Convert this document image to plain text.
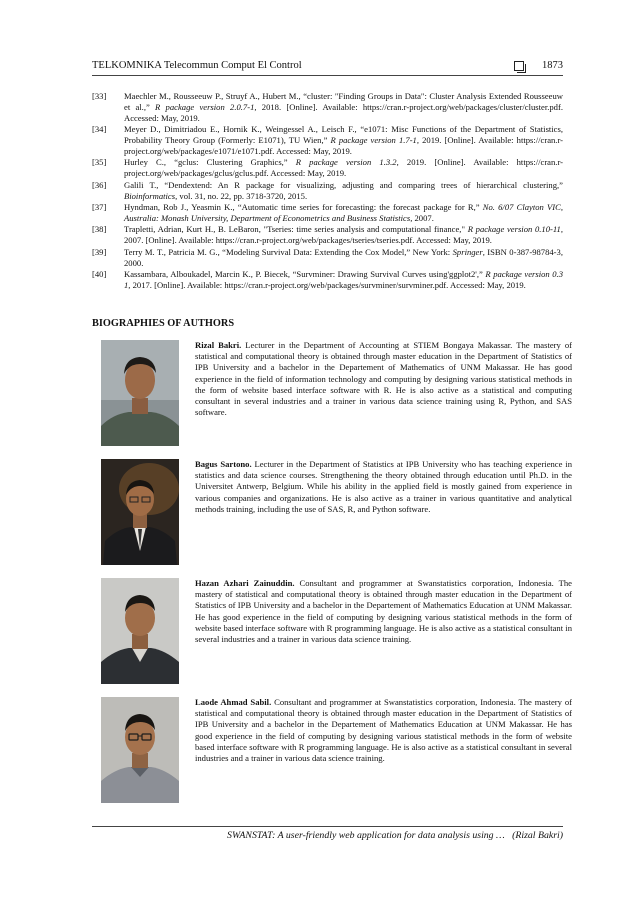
TELKOMNIKA Telecommun Comput El Control	1873
[33] Maechler M., Rousseeuw P., Struyf A., Hubert M., “cluster: "Finding Groups in Data": Cluster Analysis Extended Rousseeuw et al.,” R package version 2.0.7-1, 2018. [Online]. Available: https://cran.r-project.org/web/packages/cluster/cluster.pdf. Accessed: May, 2019.
[34] Meyer D., Dimitriadou E., Hornik K., Weingessel A., Leisch F., “e1071: Misc Functions of the Department of Statistics, Probability Theory Group (Formerly: E1071), TU Wien,” R package version 1.7-1, 2019. [Online]. Available: https://cran.r-project.org/web/packages/e1071/e1071.pdf. Accessed: May, 2019.
[35] Hurley C., “gclus: Clustering Graphics,” R package version 1.3.2, 2019. [Online]. Available: https://cran.r-project.org/web/packages/gclus/gclus.pdf. Accessed: May, 2019.
[36] Galili T., “Dendextend: An R package for visualizing, adjusting and comparing trees of hierarchical clustering,” Bioinformatics, vol. 31, no. 22, pp. 3718-3720, 2015.
[37] Hyndman, Rob J., Yeasmin K., “Automatic time series for forecasting: the forecast package for R,” No. 6/07 Clayton VIC, Australia: Monash University, Department of Econometrics and Business Statistics, 2007.
[38] Trapletti, Adrian, Kurt H., B. LeBaron, "Tseries: time series analysis and computational finance," R package version 0.10-11, 2007. [Online]. Available: https://cran.r-project.org/web/packages/tseries/tseries.pdf. Accessed: May, 2019.
[39] Terry M. T., Patricia M. G., “Modeling Survival Data: Extending the Cox Model,” New York: Springer, ISBN 0-387-98784-3, 2000.
[40] Kassambara, Alboukadel, Marcin K., P. Biecek, “Survminer: Drawing Survival Curves using'ggplot2',” R package version 0.3 1, 2017. [Online]. Available: https://cran.r-project.org/web/packages/survminer/survminer.pdf. Accessed: May, 2019.
BIOGRAPHIES OF AUTHORS
Rizal Bakri. Lecturer in the Department of Accounting at STIEM Bongaya Makassar. The mastery of statistical and computational theory is obtained through master education in the Department of Statistics of IPB University and a bachelor in the Departement of Mathematics of UNM Makassar. He has good experience in the field of information technology and computing by designing various statistical methods in the form of website based interface software with R. He is also active as a statistical and computing consultant in several industries and a trainer in various data science training using R, Python, and SAS software.
Bagus Sartono. Lecturer in the Department of Statistics at IPB University who has teaching experience in statistics and data science courses. Strengthening the theory obtained through education until Ph.D. in the Universitet Antwerp, Belgium. While his ability in the applied field is mostly gained from experience in various companies and organizations. He is also active as a trainer in various quantitative and analytical methods training, including the use of SAS, R, and Python software.
Hazan Azhari Zainuddin. Consultant and programmer at Swanstatistics corporation, Indonesia. The mastery of statistical and computational theory is obtained through master education in the Department of Statistics of IPB University and a bachelor in the Departement of Mathematics Education at UNM Makassar. He has good experience in the field of computing by designing various statistical methods in the form of website based interface software with R programming language. He is also active as a statistical consultant in several industries and a trainer in various data science training.
Laode Ahmad Sabil. Consultant and programmer at Swanstatistics corporation, Indonesia. The mastery of statistical and computational theory is obtained through master education in the Department of Statistics of IPB University and a bachelor in the Departement of Mathematics Education at UNM Makassar. He has good experience in the field of computing by designing various statistical methods in the form of website based interface software with R programming language. He is also active as a statistical consultant in several industries and a trainer in various data science training.
SWANSTAT: A user-friendly web application for data analysis using … (Rizal Bakri)
